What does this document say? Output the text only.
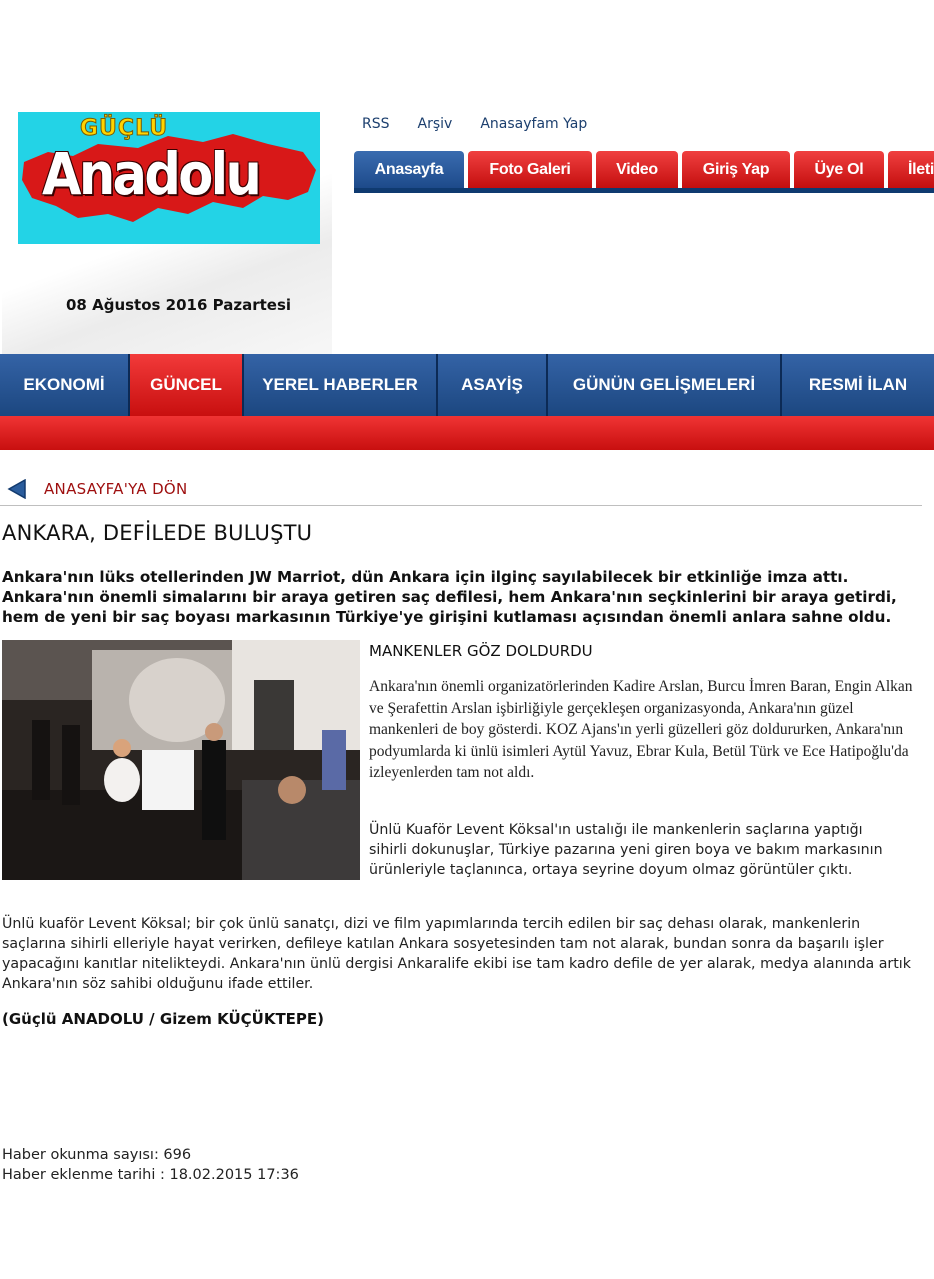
GÜÇLÜ
Anadolu
08 Ağustos 2016 Pazartesi
RSS Arşiv Anasayfam Yap
Anasayfa	Foto Galeri	Video	Giriş Yap	Üye Ol	İleti
EKONOMİ	GÜNCEL	YEREL HABERLER	ASAYİŞ	GÜNÜN GELİŞMELERİ	RESMİ İLAN
ANASAYFA'YA DÖN
ANKARA, DEFİLEDE BULUŞTU
Ankara'nın lüks otellerinden JW Marriot, dün Ankara için ilginç sayılabilecek bir etkinliğe imza attı. Ankara'nın önemli simalarını bir araya getiren saç defilesi, hem Ankara'nın seçkinlerini bir araya getirdi, hem de yeni bir saç boyası markasının Türkiye'ye girişini kutlaması açısından önemli anlara sahne oldu.
MANKENLER GÖZ DOLDURDU
Ankara'nın önemli organizatörlerinden Kadire Arslan, Burcu İmren Baran, Engin Alkan ve Şerafettin Arslan işbirliğiyle gerçekleşen organizasyonda, Ankara'nın güzel mankenleri de boy gösterdi. KOZ Ajans'ın yerli güzelleri göz doldururken, Ankara'nın podyumlarda ki ünlü isimleri Aytül Yavuz, Ebrar Kula, Betül Türk ve Ece Hatipoğlu'da izleyenlerden tam not aldı.
Ünlü Kuaför Levent Köksal'ın ustalığı ile mankenlerin saçlarına yaptığı sihirli dokunuşlar, Türkiye pazarına yeni giren boya ve bakım markasının ürünleriyle taçlanınca, ortaya seyrine doyum olmaz görüntüler çıktı.
Ünlü kuaför Levent Köksal; bir çok ünlü sanatçı, dizi ve film yapımlarında tercih edilen bir saç dehası olarak, mankenlerin saçlarına sihirli elleriyle hayat verirken, defileye katılan Ankara sosyetesinden tam not alarak, bundan sonra da başarılı işler yapacağını kanıtlar nitelikteydi. Ankara'nın ünlü dergisi Ankaralife ekibi ise tam kadro defile de yer alarak, medya alanında artık Ankara'nın söz sahibi olduğunu ifade ettiler.
(Güçlü ANADOLU / Gizem KÜÇÜKTEPE)
Haber okunma sayısı: 696
Haber eklenme tarihi : 18.02.2015 17:36
